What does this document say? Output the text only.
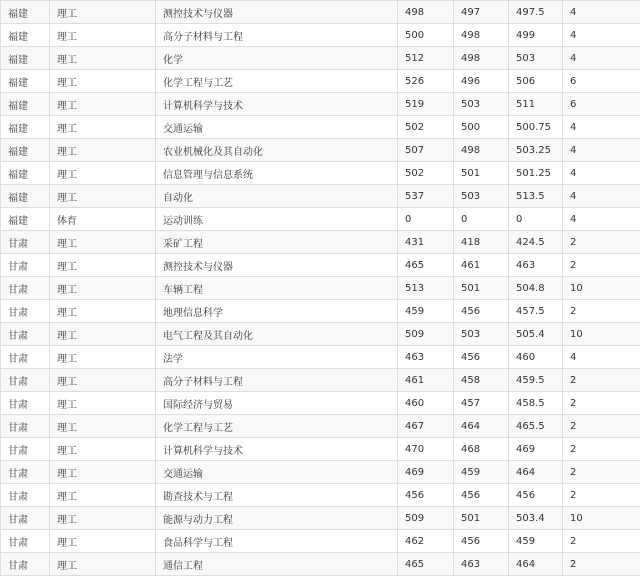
福建	理工	测控技术与仪器	498	497	497.5	4
福建	理工	高分子材料与工程	500	498	499	4
福建	理工	化学	512	498	503	4
福建	理工	化学工程与工艺	526	496	506	6
福建	理工	计算机科学与技术	519	503	511	6
福建	理工	交通运输	502	500	500.75	4
福建	理工	农业机械化及其自动化	507	498	503.25	4
福建	理工	信息管理与信息系统	502	501	501.25	4
福建	理工	自动化	537	503	513.5	4
福建	体育	运动训练	0	0	0	4
甘肃	理工	采矿工程	431	418	424.5	2
甘肃	理工	测控技术与仪器	465	461	463	2
甘肃	理工	车辆工程	513	501	504.8	10
甘肃	理工	地理信息科学	459	456	457.5	2
甘肃	理工	电气工程及其自动化	509	503	505.4	10
甘肃	理工	法学	463	456	460	4
甘肃	理工	高分子材料与工程	461	458	459.5	2
甘肃	理工	国际经济与贸易	460	457	458.5	2
甘肃	理工	化学工程与工艺	467	464	465.5	2
甘肃	理工	计算机科学与技术	470	468	469	2
甘肃	理工	交通运输	469	459	464	2
甘肃	理工	勘查技术与工程	456	456	456	2
甘肃	理工	能源与动力工程	509	501	503.4	10
甘肃	理工	食品科学与工程	462	456	459	2
甘肃	理工	通信工程	465	463	464	2
